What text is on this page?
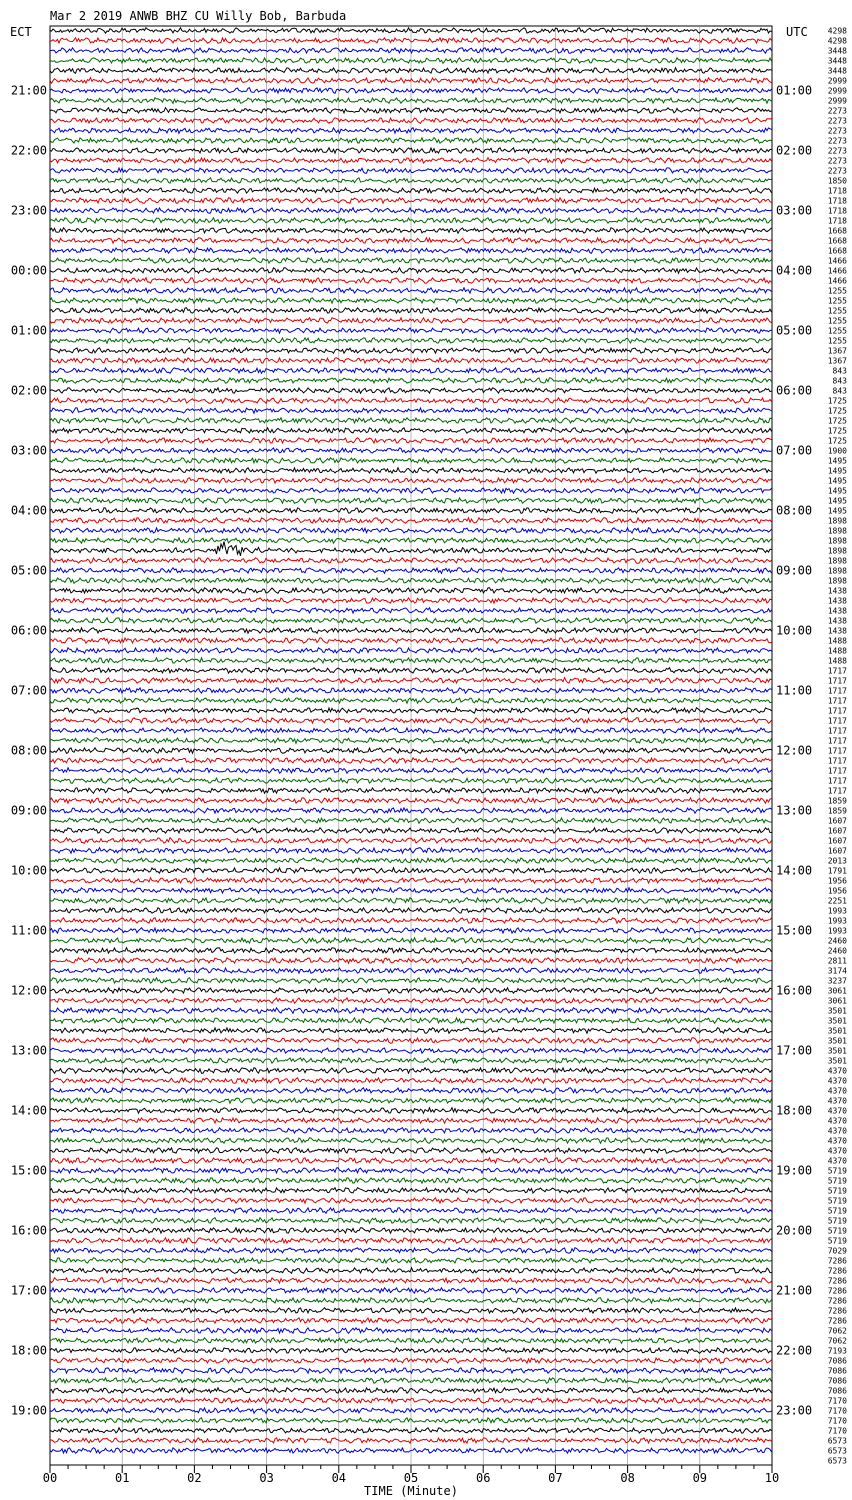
Mar 2 2019 ANWB BHZ CU Willy Bob, Barbuda
ECT	UTC
21:00	01:00
22:00	02:00
23:00	03:00
00:00	04:00
01:00	05:00
02:00	06:00
03:00	07:00
04:00	08:00
05:00	09:00
06:00	10:00
07:00	11:00
08:00	12:00
09:00	13:00
10:00	14:00
11:00	15:00
12:00	16:00
13:00	17:00
14:00	18:00
15:00	19:00
16:00	20:00
17:00	21:00
18:00	22:00
19:00	23:00
4298
4298
3448
3448
3448
2999
2999
2999
2273
2273
2273
2273
2273
2273
2273
1850
1718
1718
1718
1718
1668
1668
1668
1466
1466
1466
1255
1255
1255
1255
1255
1255
1367
1367
843
843
843
1725
1725
1725
1725
1725
1900
1495
1495
1495
1495
1495
1495
1898
1898
1898
1898
1898
1898
1898
1438
1438
1438
1438
1438
1488
1488
1488
1717
1717
1717
1717
1717
1717
1717
1717
1717
1717
1717
1717
1717
1859
1859
1607
1607
1607
1607
2013
1791
1956
1956
2251
1993
1993
1993
2460
2460
2811
3174
3237
3061
3061
3501
3501
3501
3501
3501
3501
4370
4370
4370
4370
4370
4370
4370
4370
4370
4370
5719
5719
5719
5719
5719
5719
5719
5719
7029
7286
7286
7286
7286
7286
7286
7286
7062
7062
7193
7086
7086
7086
7086
7170
7170
7170
7170
6573
6573
6573
00	01	02	03	04	05	06	07	08	09	10
TIME (Minute)
